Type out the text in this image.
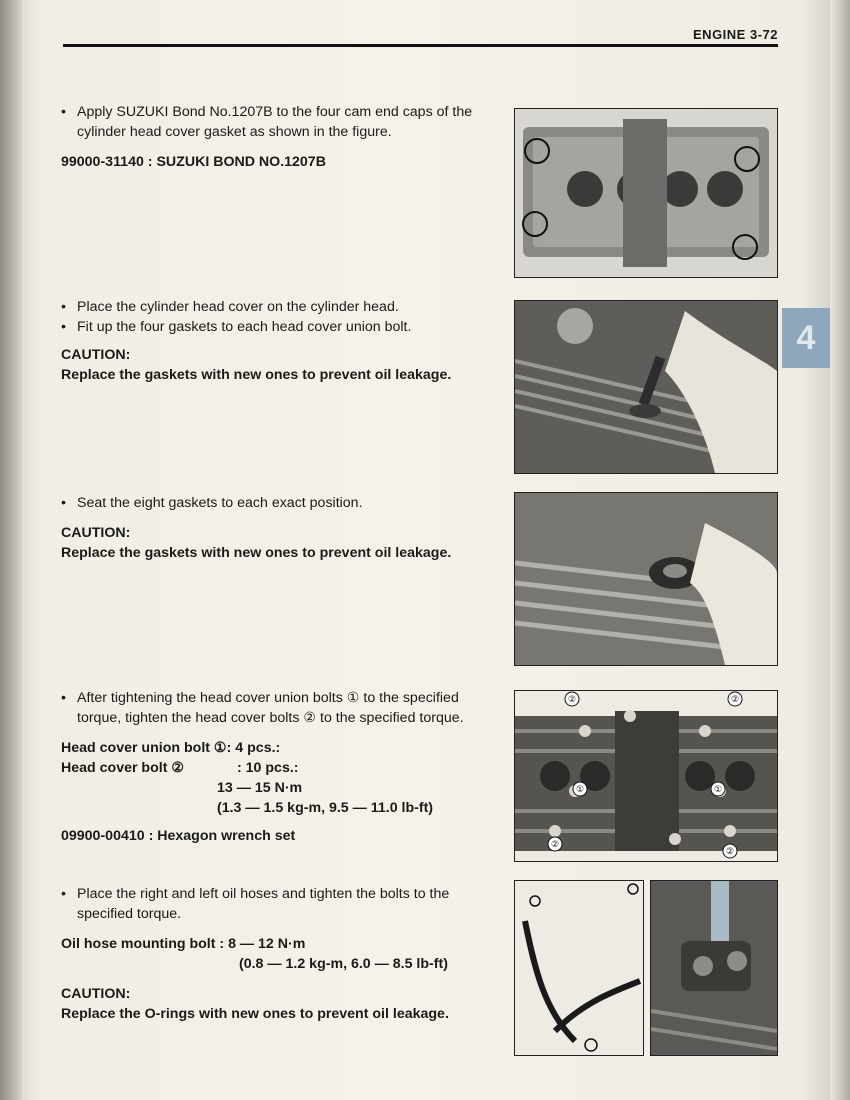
ENGINE 3-72
4
• Apply SUZUKI Bond No.1207B to the four cam end caps of the cylinder head cover gasket as shown in the figure.
99000-31140 : SUZUKI BOND NO.1207B
• Place the cylinder head cover on the cylinder head.
• Fit up the four gaskets to each head cover union bolt.
CAUTION:
Replace the gaskets with new ones to prevent oil leakage.
• Seat the eight gaskets to each exact position.
CAUTION:
Replace the gaskets with new ones to prevent oil leakage.
• After tightening the head cover union bolts ① to the specified torque, tighten the head cover bolts ② to the specified torque.
Head cover union bolt ①: 4 pcs.:
Head cover bolt ②	: 10 pcs.:
13 — 15 N·m
(1.3 — 1.5 kg-m, 9.5 — 11.0 lb-ft)
09900-00410 : Hexagon wrench set
②	②
①	①
②
②
• Place the right and left oil hoses and tighten the bolts to the specified torque.
Oil hose mounting bolt : 8 — 12 N·m
(0.8 — 1.2 kg-m, 6.0 — 8.5 lb-ft)
CAUTION:
Replace the O-rings with new ones to prevent oil leakage.
